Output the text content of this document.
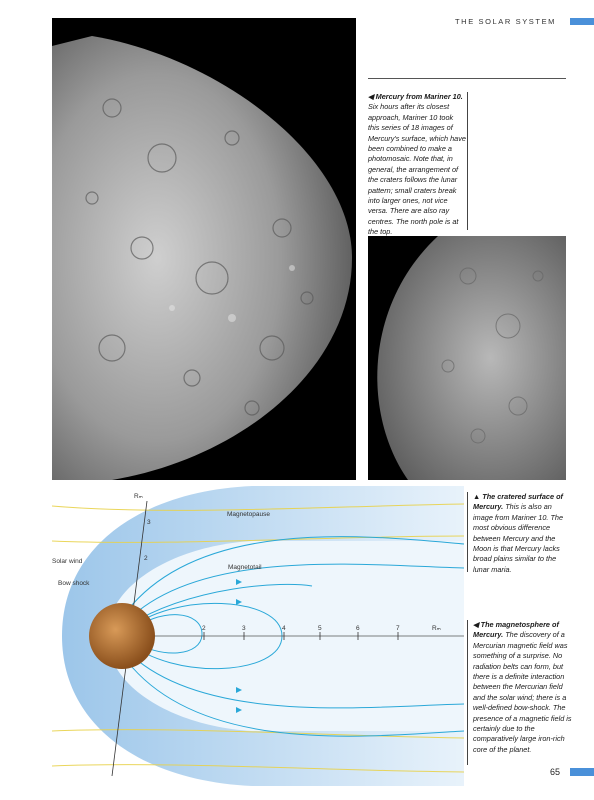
THE SOLAR SYSTEM
◀ Mercury from Mariner 10. Six hours after its closest approach, Mariner 10 took this series of 18 images of Mercury's surface, which have been combined to make a photomosaic. Note that, in general, the arrangement of the craters follows the lunar pattern; small craters break into larger ones, not vice versa. There are also ray centres. The north pole is at the top.
▲ The cratered surface of Mercury. This is also an image from Mariner 10. The most obvious difference between Mercury and the Moon is that Mercury lacks broad plains similar to the lunar maria.
Rₘ
Magnetopause
3
Magnetotail
2
Solar wind
Bow shock
2	3	4	5	6	7	Rₘ	◀ The magnetosphere of Mercury. The discovery of a Mercurian magnetic field was something of a surprise. No radiation belts can form, but there is a definite interaction between the Mercurian field and the solar wind; there is a well-defined bow-shock. The presence of a magnetic field is certainly due to the comparatively large iron-rich core of the planet.
65
